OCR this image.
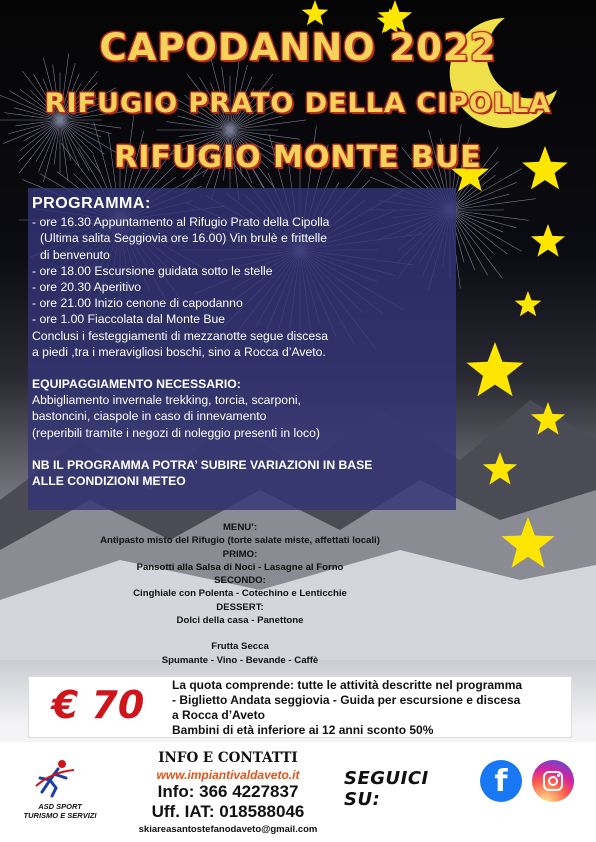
CAPODANNO 2022
RIFUGIO PRATO DELLA CIPOLLA
RIFUGIO MONTE BUE
PROGRAMMA:
- ore 16.30 Appuntamento al Rifugio Prato della Cipolla
(Ultima salita Seggiovia ore 16.00) Vin brulè e frittelle
di benvenuto
- ore 18.00 Escursione guidata sotto le stelle
- ore 20.30 Aperitivo
- ore 21.00 Inizio cenone di capodanno
- ore 1.00 Fiaccolata dal Monte Bue
Conclusi i festeggiamenti di mezzanotte segue discesa
a piedi ,tra i meravigliosi boschi, sino a Rocca d’Aveto.
EQUIPAGGIAMENTO NECESSARIO:
Abbigliamento invernale trekking, torcia, scarponi,
bastoncini, ciaspole in caso di innevamento
(reperibili tramite i negozi di noleggio presenti in loco)
NB IL PROGRAMMA POTRA’ SUBIRE VARIAZIONI IN BASE
ALLE CONDIZIONI METEO
MENU’:
Antipasto misto del Rifugio (torte salate miste, affettati locali)
PRIMO:
Pansotti alla Salsa di Noci - Lasagne al Forno
SECONDO:
Cinghiale con Polenta - Cotechino e Lenticchie
DESSERT:
Dolci della casa - Panettone
Frutta Secca
Spumante - Vino - Bevande - Caffè
€ 70	La quota comprende: tutte le attività descritte nel programma
- Biglietto Andata seggiovia - Guida per escursione e discesa
a Rocca d’Aveto
Bambini di età inferiore ai 12 anni sconto 50%
ASD SPORT
TURISMO E SERVIZI
INFO E CONTATTI
www.impiantivaldaveto.it
Info: 366 4227837
Uff. IAT: 018588046
skiareasantostefanodaveto@gmail.com
SEGUICI SU:
f
